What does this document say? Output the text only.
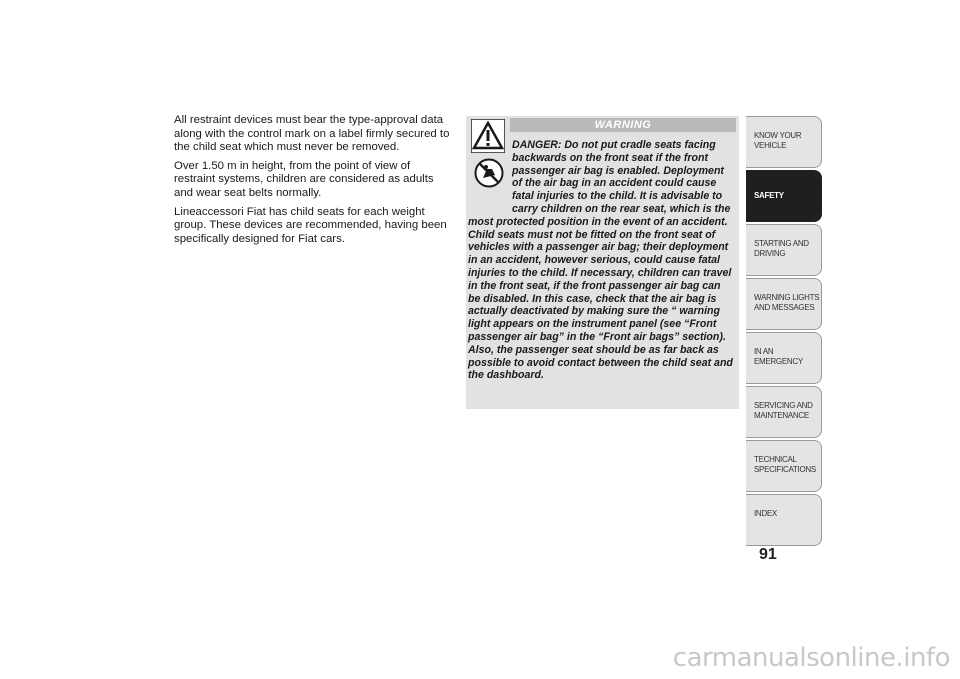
All restraint devices must bear the type-approval data along with the control mark on a label firmly secured to the child seat which must never be removed.

Over 1.50 m in height, from the point of view of restraint systems, children are considered as adults and wear seat belts normally.

Lineaccessori Fiat has child seats for each weight group. These devices are recommended, having been specifically designed for Fiat cars.

WARNING
DANGER: Do not put cradle seats facing backwards on the front seat if the front passenger air bag is enabled. Deployment of the air bag in an accident could cause fatal injuries to the child. It is advisable to carry children on the rear seat, which is the most protected position in the event of an accident. Child seats must not be fitted on the front seat of vehicles with a passenger air bag; their deployment in an accident, however serious, could cause fatal injuries to the child. If necessary, children can travel in the front seat, if the front passenger air bag can be disabled. In this case, check that the air bag is actually deactivated by making sure the “ warning light appears on the instrument panel (see “Front passenger air bag” in the “Front air bags” section). Also, the passenger seat should be as far back as possible to avoid contact between the child seat and the dashboard.
KNOW YOUR VEHICLE
SAFETY
STARTING AND DRIVING
WARNING LIGHTS AND MESSAGES
IN AN EMERGENCY
SERVICING AND MAINTENANCE
TECHNICAL SPECIFICATIONS
INDEX
91
carmanualsonline.info
